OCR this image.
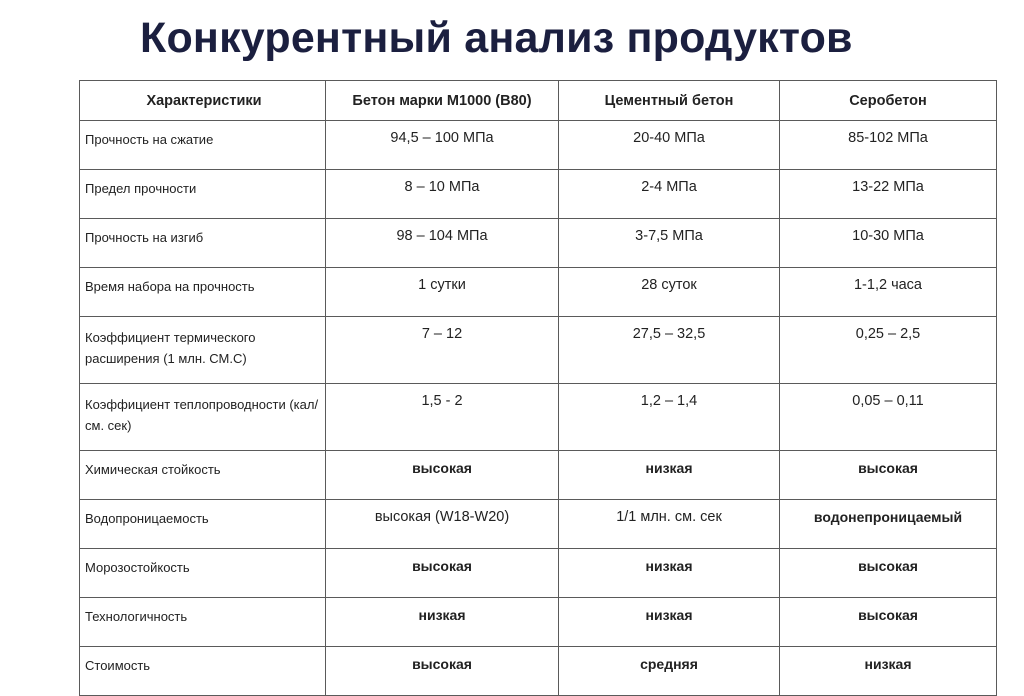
Конкурентный анализ продуктов
Характеристики	Бетон марки М1000 (В80)	Цементный бетон	Серобетон
Прочность на сжатие	94,5 – 100 МПа	20-40 МПа	85-102 МПа
Предел прочности	8 – 10 МПа	2-4 МПа	13-22 МПа
Прочность на изгиб	98 – 104 МПа	3-7,5 МПа	10-30 МПа
Время набора на прочность	1 сутки	28 суток	1-1,2 часа
Коэффициент термического расширения (1 млн. СМ.С)	7 – 12	27,5 – 32,5	0,25 – 2,5
Коэффициент теплопроводности (кал/см. сек)	1,5 - 2	1,2 – 1,4	0,05 – 0,11
Химическая стойкость	высокая	низкая	высокая
Водопроницаемость	высокая (W18-W20)	1/1 млн. см. сек	водонепроницаемый
Морозостойкость	высокая	низкая	высокая
Технологичность	низкая	низкая	высокая
Стоимость	высокая	средняя	низкая
